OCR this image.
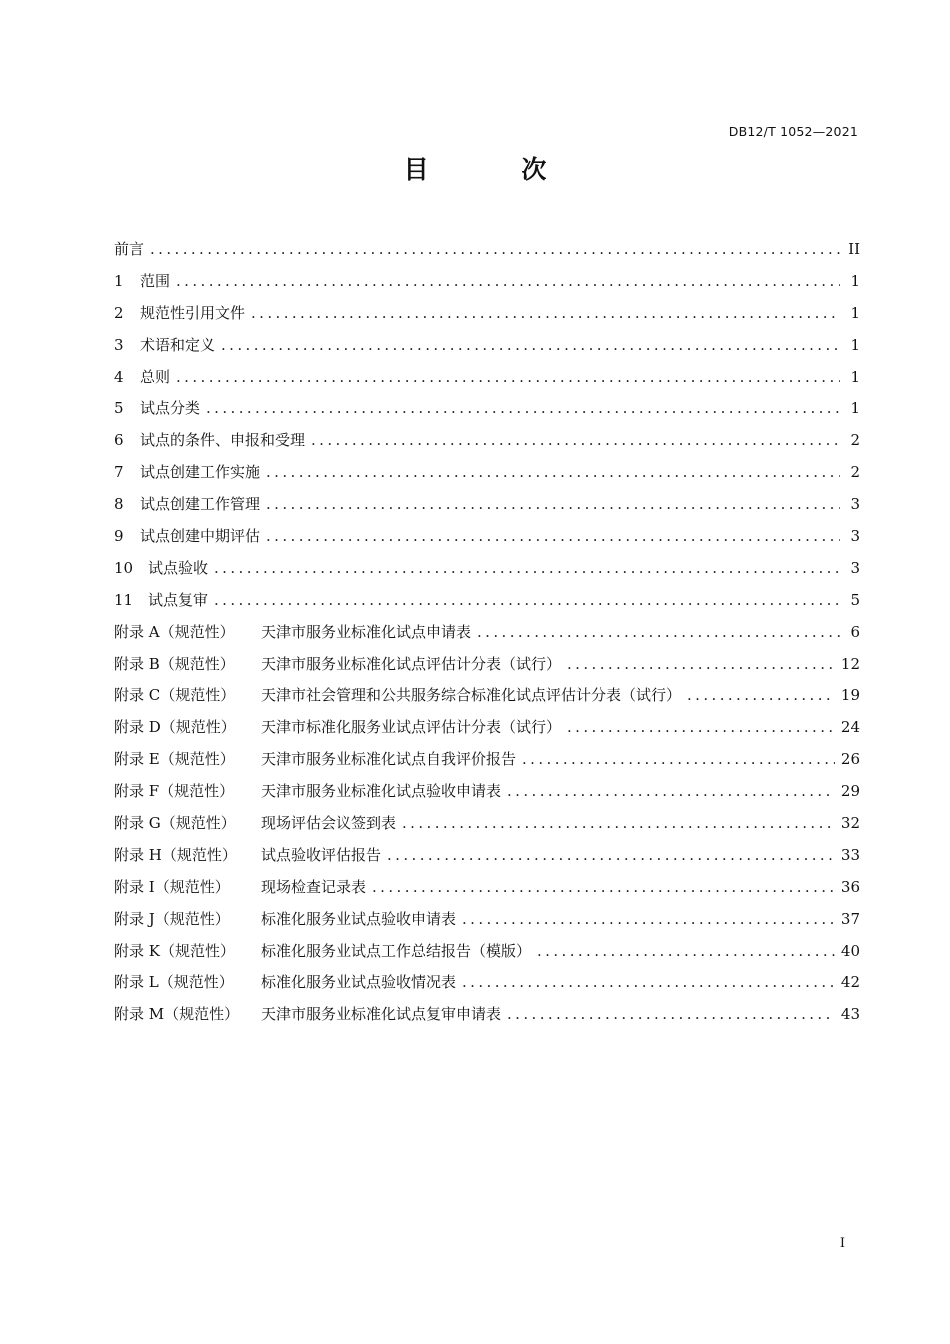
DB12/T 1052—2021
目 次
前言 .....	II
1	范围 .....	1
2	规范性引用文件 .....	1
3	术语和定义 .....	1
4	总则 .....	1
5	试点分类 .....	1
6	试点的条件、申报和受理 .....	2
7	试点创建工作实施 .....	2
8	试点创建工作管理 .....	3
9	试点创建中期评估 .....	3
10 试点验收 .....	3
11 试点复审 .....	5
附录 A（规范性）	天津市服务业标准化试点申请表 .....	6
附录 B（规范性）	天津市服务业标准化试点评估计分表（试行） .....	12
附录 C（规范性）	天津市社会管理和公共服务综合标准化试点评估计分表（试行） .....	19
附录 D（规范性）	天津市标准化服务业试点评估计分表（试行） .....	24
附录 E（规范性）	天津市服务业标准化试点自我评价报告 .....	26
附录 F（规范性）	天津市服务业标准化试点验收申请表 .....	29
附录 G（规范性）	现场评估会议签到表 .....	32
附录 H（规范性）	试点验收评估报告 .....	33
附录 I（规范性）	现场检查记录表 .....	36
附录 J（规范性）	标准化服务业试点验收申请表 .....	37
附录 K（规范性）	标准化服务业试点工作总结报告（模版） .....	40
附录 L（规范性）	标准化服务业试点验收情况表 .....	42
附录 M（规范性）	天津市服务业标准化试点复审申请表 .....	43
I
